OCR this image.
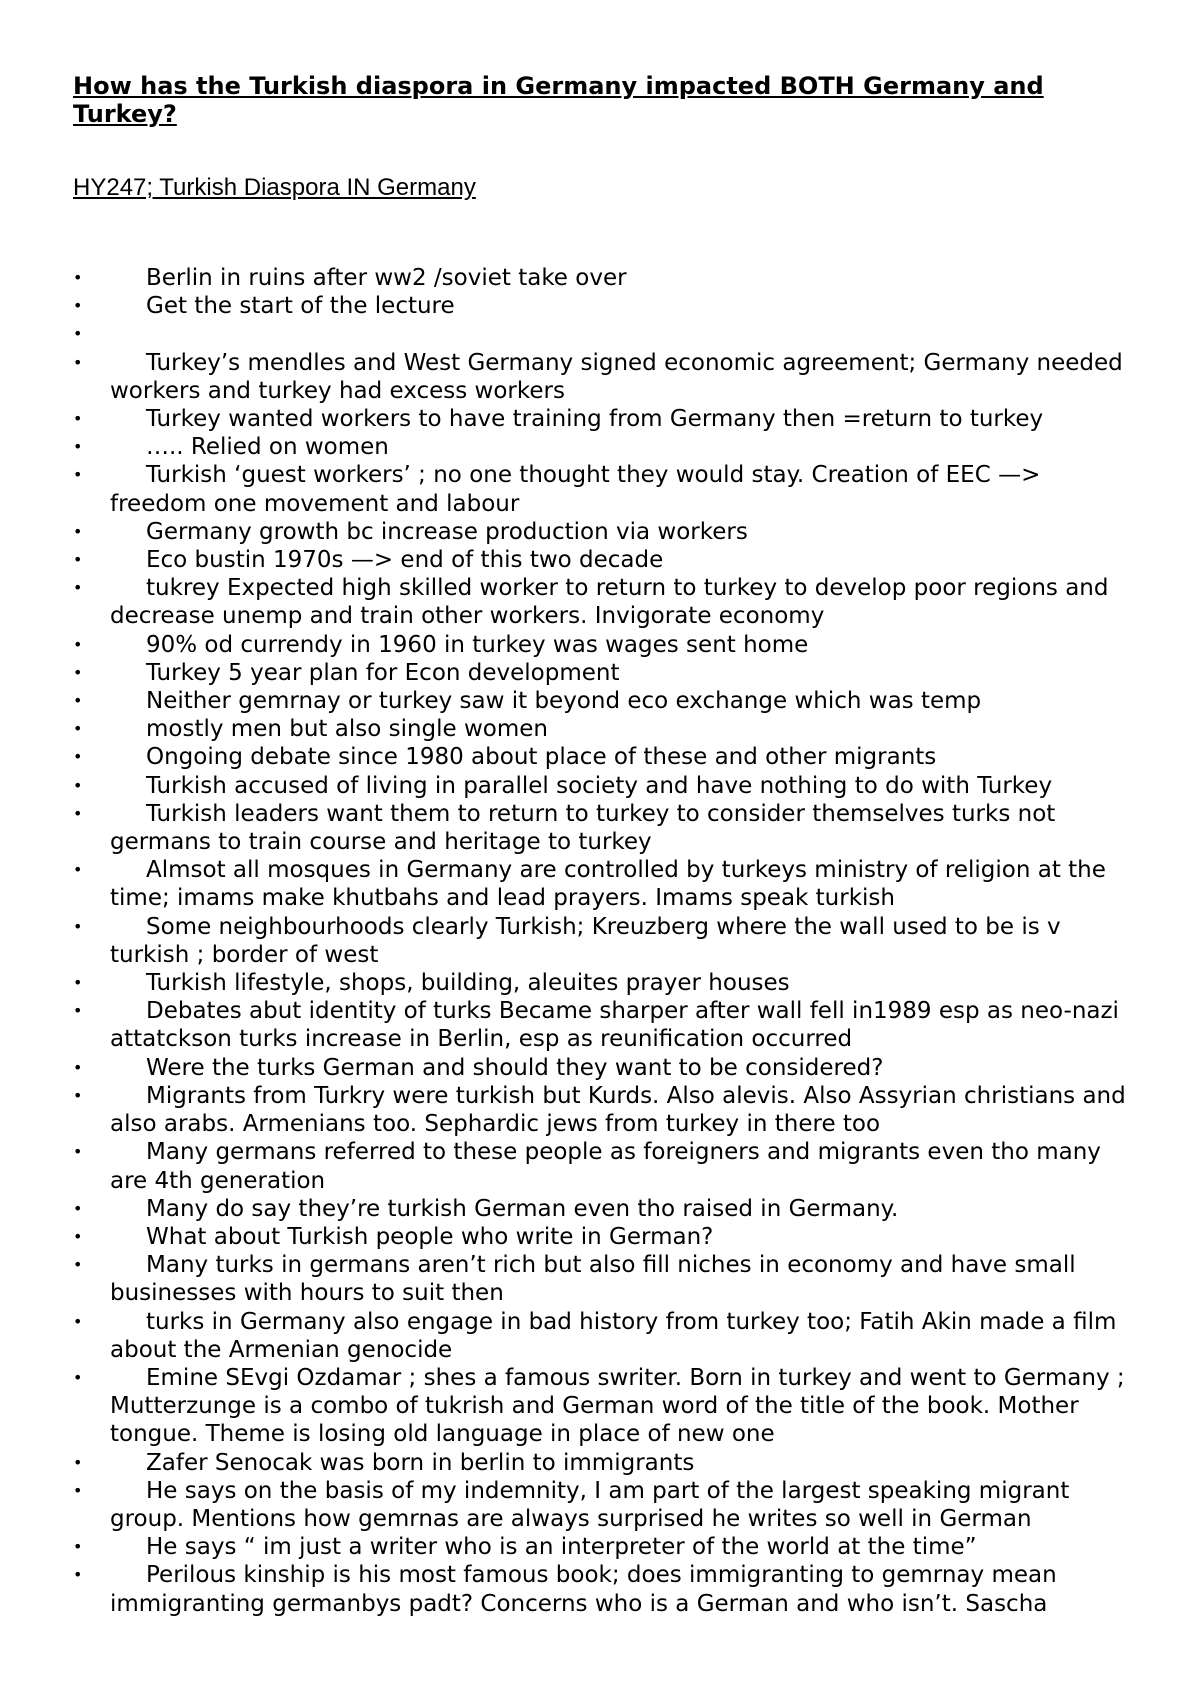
How has the Turkish diaspora in Germany impacted BOTH Germany and Turkey?
HY247; Turkish Diaspora IN Germany
•	Berlin in ruins after ww2 /soviet take over
•	Get the start of the lecture
•
•	Turkey’s mendles and West Germany signed economic agreement; Germany needed workers and turkey had excess workers
•	Turkey wanted workers to have training from Germany then =return to turkey
•	….. Relied on women
•	Turkish ‘guest workers’ ; no one thought they would stay. Creation of EEC —> freedom one movement and labour
•	Germany growth bc increase production via workers
•	Eco bustin 1970s —> end of this two decade
•	tukrey Expected high skilled worker to return to turkey to develop poor regions and decrease unemp and train other workers. Invigorate economy
•	90% od currendy in 1960 in turkey was wages sent home
•	Turkey 5 year plan for Econ development
•	Neither gemrnay or turkey saw it beyond eco exchange which was temp
•	mostly men but also single women
•	Ongoing debate since 1980 about place of these and other migrants
•	Turkish accused of living in parallel society and have nothing to do with Turkey
•	Turkish leaders want them to return to turkey to consider themselves turks not germans to train course and heritage to turkey
•	Almsot all mosques in Germany are controlled by turkeys ministry of religion at the time; imams make khutbahs and lead prayers. Imams speak turkish
•	Some neighbourhoods clearly Turkish; Kreuzberg where the wall used to be is v turkish ; border of west
•	Turkish lifestyle, shops, building, aleuites prayer houses
•	Debates abut identity of turks Became sharper after wall fell in1989 esp as neo-nazi attatckson turks increase in Berlin, esp as reunification occurred
•	Were the turks German and should they want to be considered?
•	Migrants from Turkry were turkish but Kurds. Also alevis. Also Assyrian christians and also arabs. Armenians too. Sephardic jews from turkey in there too
•	Many germans referred to these people as foreigners and migrants even tho many are 4th generation
•	Many do say they’re turkish German even tho raised in Germany.
•	What about Turkish people who write in German?
•	Many turks in germans aren’t rich but also fill niches in economy and have small businesses with hours to suit then
•	turks in Germany also engage in bad history from turkey too; Fatih Akin made a film about the Armenian genocide
•	Emine SEvgi Ozdamar ; shes a famous swriter. Born in turkey and went to Germany ; Mutterzunge is a combo of tukrish and German word of the title of the book. Mother tongue. Theme is losing old language in place of new one
•	Zafer Senocak was born in berlin to immigrants
•	He says on the basis of my indemnity, I am part of the largest speaking migrant group. Mentions how gemrnas are always surprised he writes so well in German
•	He says “ im just a writer who is an interpreter of the world at the time”
•	Perilous kinship is his most famous book; does immigranting to gemrnay mean immigranting germanbys padt? Concerns who is a German and who isn’t. Sascha
